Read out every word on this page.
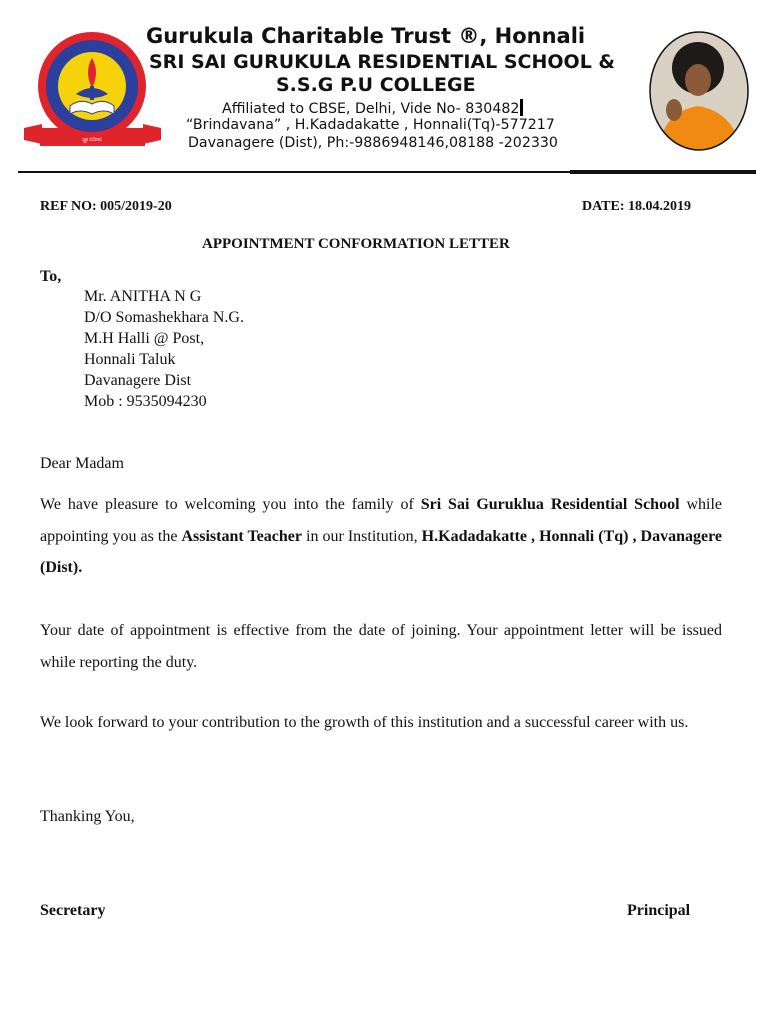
ಜ್ಞಾನದೀಪ
Gurukula Charitable Trust ®, Honnali
SRI SAI GURUKULA RESIDENTIAL SCHOOL &
S.S.G P.U COLLEGE
Affiliated to CBSE, Delhi, Vide No- 830482
“Brindavana” , H.Kadadakatte , Honnali(Tq)-577217
Davanagere (Dist), Ph:-9886948146,08188 -202330
REF NO: 005/2019-20	DATE: 18.04.2019
APPOINTMENT CONFORMATION LETTER
To,
Mr. ANITHA N G
D/O Somashekhara N.G.
M.H Halli @ Post,
Honnali Taluk
Davanagere Dist
Mob : 9535094230
Dear Madam
We have pleasure to welcoming you into the family of Sri Sai Guruklua Residential School while appointing you as the Assistant Teacher in our Institution, H.Kadadakatte , Honnali (Tq) , Davanagere (Dist).
Your date of appointment is effective from the date of joining. Your appointment letter will be issued while reporting the duty.
We look forward to your contribution to the growth of this institution and a successful career with us.
Thanking You,
Secretary	Principal
